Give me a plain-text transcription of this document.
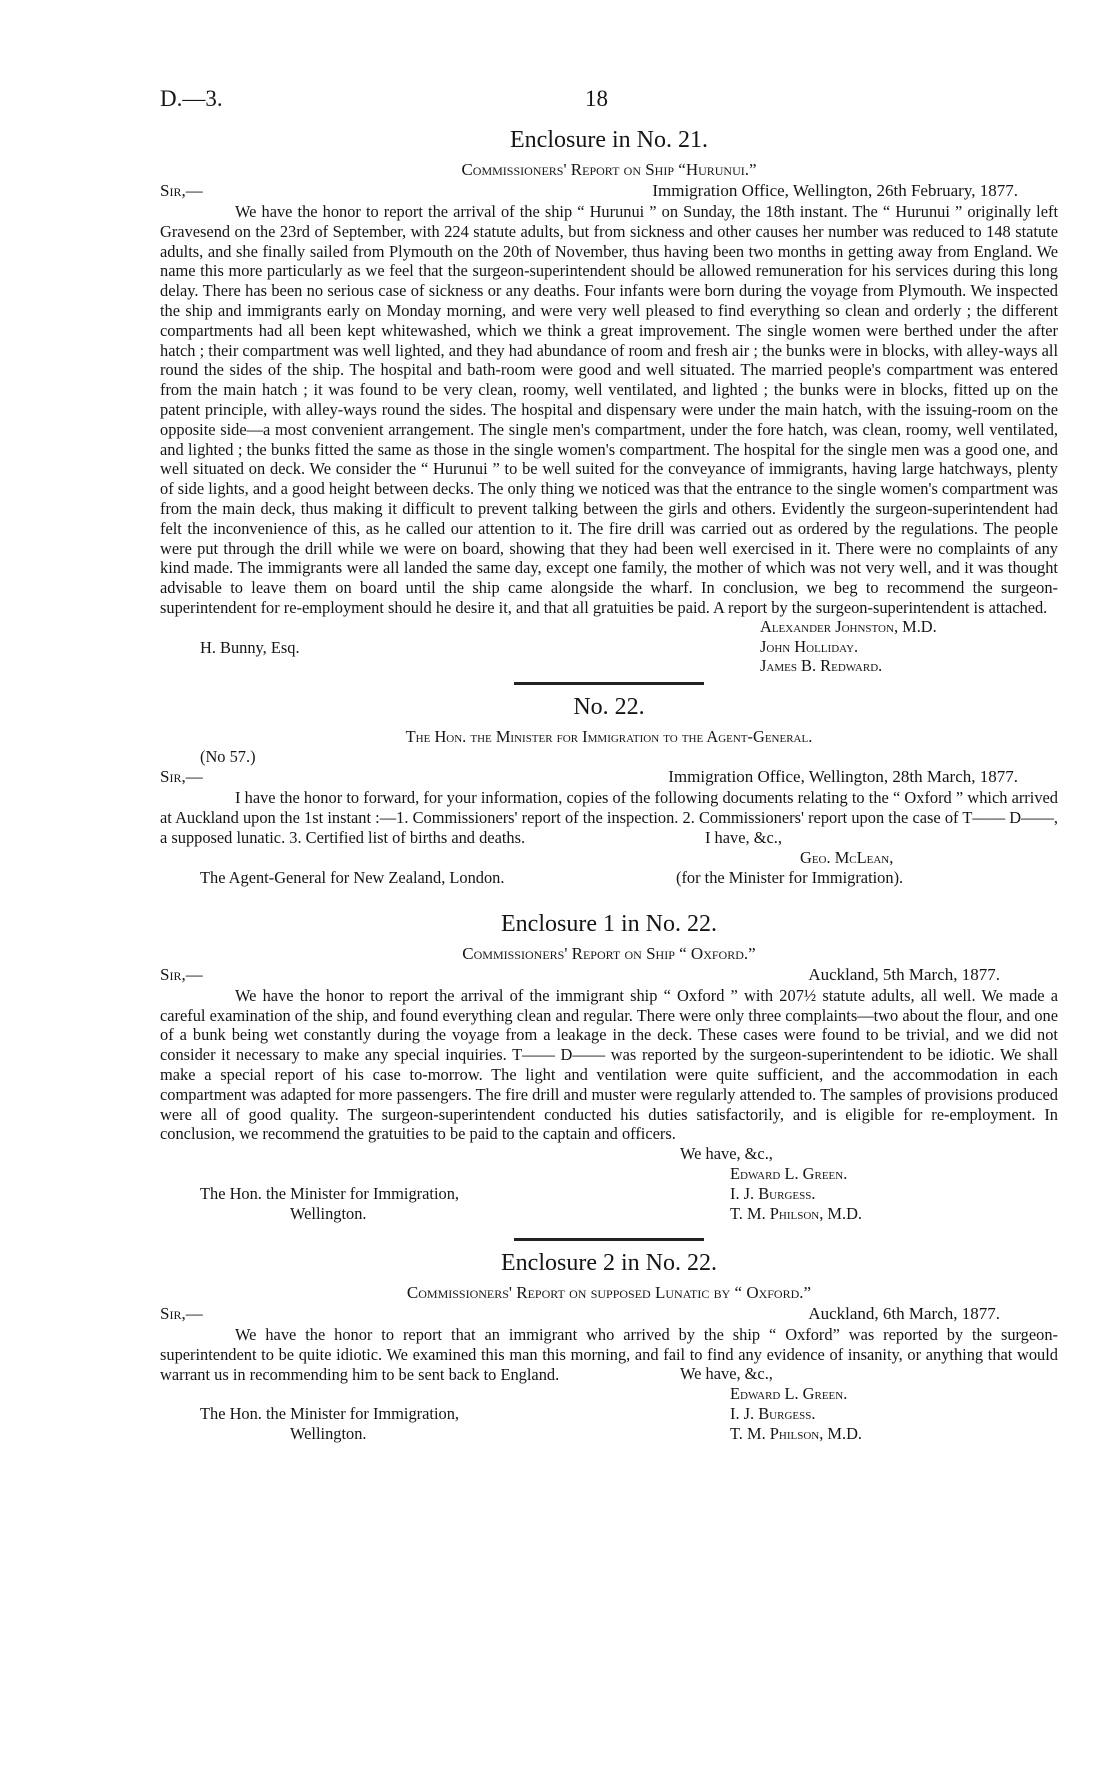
D.—3.	18
Enclosure in No. 21.

Commissioners' Report on Ship “Hurunui.”

Sir,—	Immigration Office, Wellington, 26th February, 1877.

We have the honor to report the arrival of the ship “ Hurunui ” on Sunday, the 18th instant. The “ Hurunui ” originally left Gravesend on the 23rd of September, with 224 statute adults, but from sickness and other causes her number was reduced to 148 statute adults, and she finally sailed from Plymouth on the 20th of November, thus having been two months in getting away from England. We name this more particularly as we feel that the surgeon-superintendent should be allowed remuneration for his services during this long delay. There has been no serious case of sickness or any deaths. Four infants were born during the voyage from Plymouth. We inspected the ship and immigrants early on Monday morning, and were very well pleased to find everything so clean and orderly ; the different compartments had all been kept whitewashed, which we think a great improvement. The single women were berthed under the after hatch ; their compartment was well lighted, and they had abundance of room and fresh air ; the bunks were in blocks, with alley-ways all round the sides of the ship. The hospital and bath-room were good and well situated. The married people's compartment was entered from the main hatch ; it was found to be very clean, roomy, well ventilated, and lighted ; the bunks were in blocks, fitted up on the patent principle, with alley-ways round the sides. The hospital and dispensary were under the main hatch, with the issuing-room on the opposite side—a most convenient arrangement. The single men's compartment, under the fore hatch, was clean, roomy, well ventilated, and lighted ; the bunks fitted the same as those in the single women's compartment. The hospital for the single men was a good one, and well situated on deck. We consider the “ Hurunui ” to be well suited for the conveyance of immigrants, having large hatchways, plenty of side lights, and a good height between decks. The only thing we noticed was that the entrance to the single women's compartment was from the main deck, thus making it difficult to prevent talking between the girls and others. Evidently the surgeon-superintendent had felt the inconvenience of this, as he called our attention to it. The fire drill was carried out as ordered by the regulations. The people were put through the drill while we were on board, showing that they had been well exercised in it. There were no complaints of any kind made. The immigrants were all landed the same day, except one family, the mother of which was not very well, and it was thought advisable to leave them on board until the ship came alongside the wharf. In conclusion, we beg to recommend the surgeon-superintendent for re-employment should he desire it, and that all gratuities be paid. A report by the surgeon-superintendent is attached.

Alexander Johnston, M.D.
John Holliday.
James B. Redward.
H. Bunny, Esq.
No. 22.

The Hon. the Minister for Immigration to the Agent-General.

(No 57.)
Sir,—	Immigration Office, Wellington, 28th March, 1877.

I have the honor to forward, for your information, copies of the following documents relating to the “ Oxford ” which arrived at Auckland upon the 1st instant :—1. Commissioners' report of the inspection. 2. Commissioners' report upon the case of T—— D——, a supposed lunatic. 3. Certified list of births and deaths.	I have, &c.,
Geo. McLean,
The Agent-General for New Zealand, London.	(for the Minister for Immigration).
Enclosure 1 in No. 22.

Commissioners' Report on Ship “ Oxford.”

Sir,—	Auckland, 5th March, 1877.

We have the honor to report the arrival of the immigrant ship “ Oxford ” with 207½ statute adults, all well. We made a careful examination of the ship, and found everything clean and regular. There were only three complaints—two about the flour, and one of a bunk being wet constantly during the voyage from a leakage in the deck. These cases were found to be trivial, and we did not consider it necessary to make any special inquiries. T—— D—— was reported by the surgeon-superintendent to be idiotic. We shall make a special report of his case to-morrow. The light and ventilation were quite sufficient, and the accommodation in each compartment was adapted for more passengers. The fire drill and muster were regularly attended to. The samples of provisions produced were all of good quality. The surgeon-superintendent conducted his duties satisfactorily, and is eligible for re-employment. In conclusion, we recommend the gratuities to be paid to the captain and officers.

We have, &c.,
Edward L. Green.
I. J. Burgess.
T. M. Philson, M.D.
The Hon. the Minister for Immigration,
Wellington.
Enclosure 2 in No. 22.

Commissioners' Report on supposed Lunatic by “ Oxford.”

Sir,—	Auckland, 6th March, 1877.

We have the honor to report that an immigrant who arrived by the ship “ Oxford” was reported by the surgeon-superintendent to be quite idiotic. We examined this man this morning, and fail to find any evidence of insanity, or anything that would warrant us in recommending him to be sent back to England.	We have, &c.,
Edward L. Green.
I. J. Burgess.
T. M. Philson, M.D.
The Hon. the Minister for Immigration,
Wellington.
